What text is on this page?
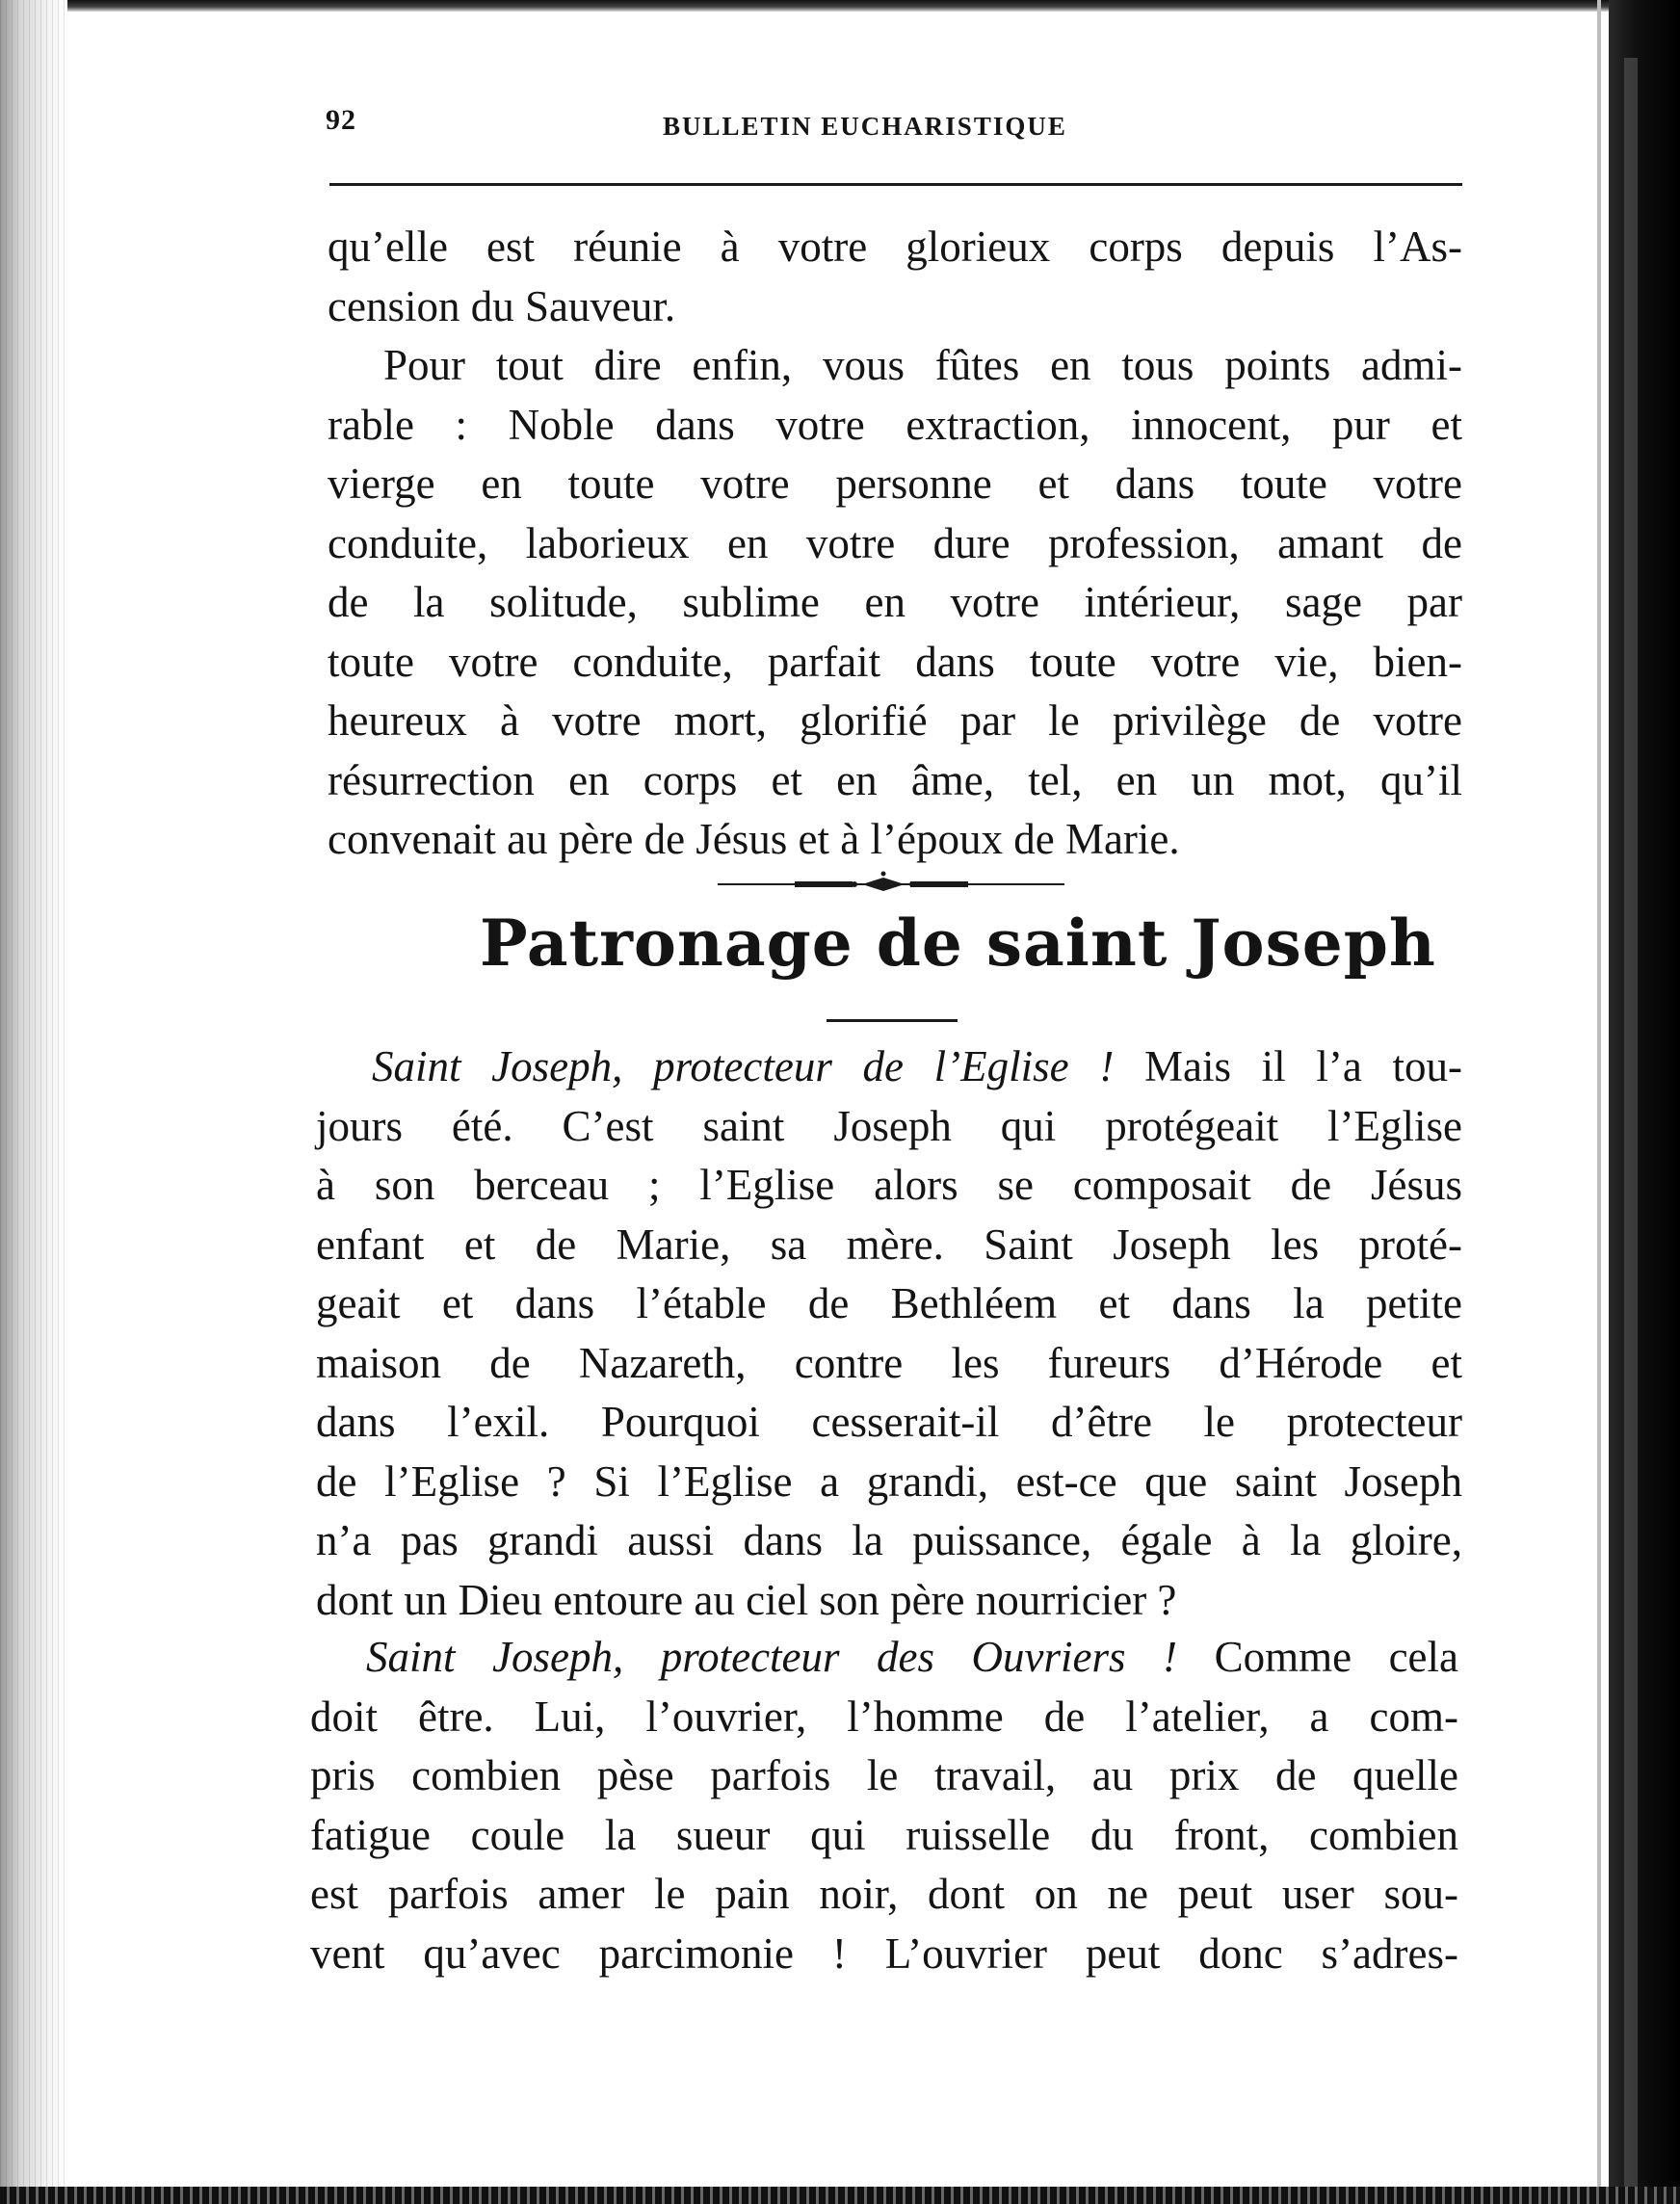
92	BULLETIN EUCHARISTIQUE
qu’elle est réunie à votre glorieux corps depuis l’As-
cension du Sauveur.
Pour tout dire enfin, vous fûtes en tous points admi-
rable : Noble dans votre extraction, innocent, pur et
vierge en toute votre personne et dans toute votre
conduite, laborieux en votre dure profession, amant de
de la solitude, sublime en votre intérieur, sage par
toute votre conduite, parfait dans toute votre vie, bien-
heureux à votre mort, glorifié par le privilège de votre
résurrection en corps et en âme, tel, en un mot, qu’il
convenait au père de Jésus et à l’époux de Marie.
Patronage de saint Joseph
Saint Joseph, protecteur de l’Eglise ! Mais il l’a tou-
jours été. C’est saint Joseph qui protégeait l’Eglise
à son berceau ; l’Eglise alors se composait de Jésus
enfant et de Marie, sa mère. Saint Joseph les proté-
geait et dans l’étable de Bethléem et dans la petite
maison de Nazareth, contre les fureurs d’Hérode et
dans l’exil. Pourquoi cesserait-il d’être le protecteur
de l’Eglise ? Si l’Eglise a grandi, est-ce que saint Joseph
n’a pas grandi aussi dans la puissance, égale à la gloire,
dont un Dieu entoure au ciel son père nourricier ?
Saint Joseph, protecteur des Ouvriers ! Comme cela
doit être. Lui, l’ouvrier, l’homme de l’atelier, a com-
pris combien pèse parfois le travail, au prix de quelle
fatigue coule la sueur qui ruisselle du front, combien
est parfois amer le pain noir, dont on ne peut user sou-
vent qu’avec parcimonie ! L’ouvrier peut donc s’adres-
